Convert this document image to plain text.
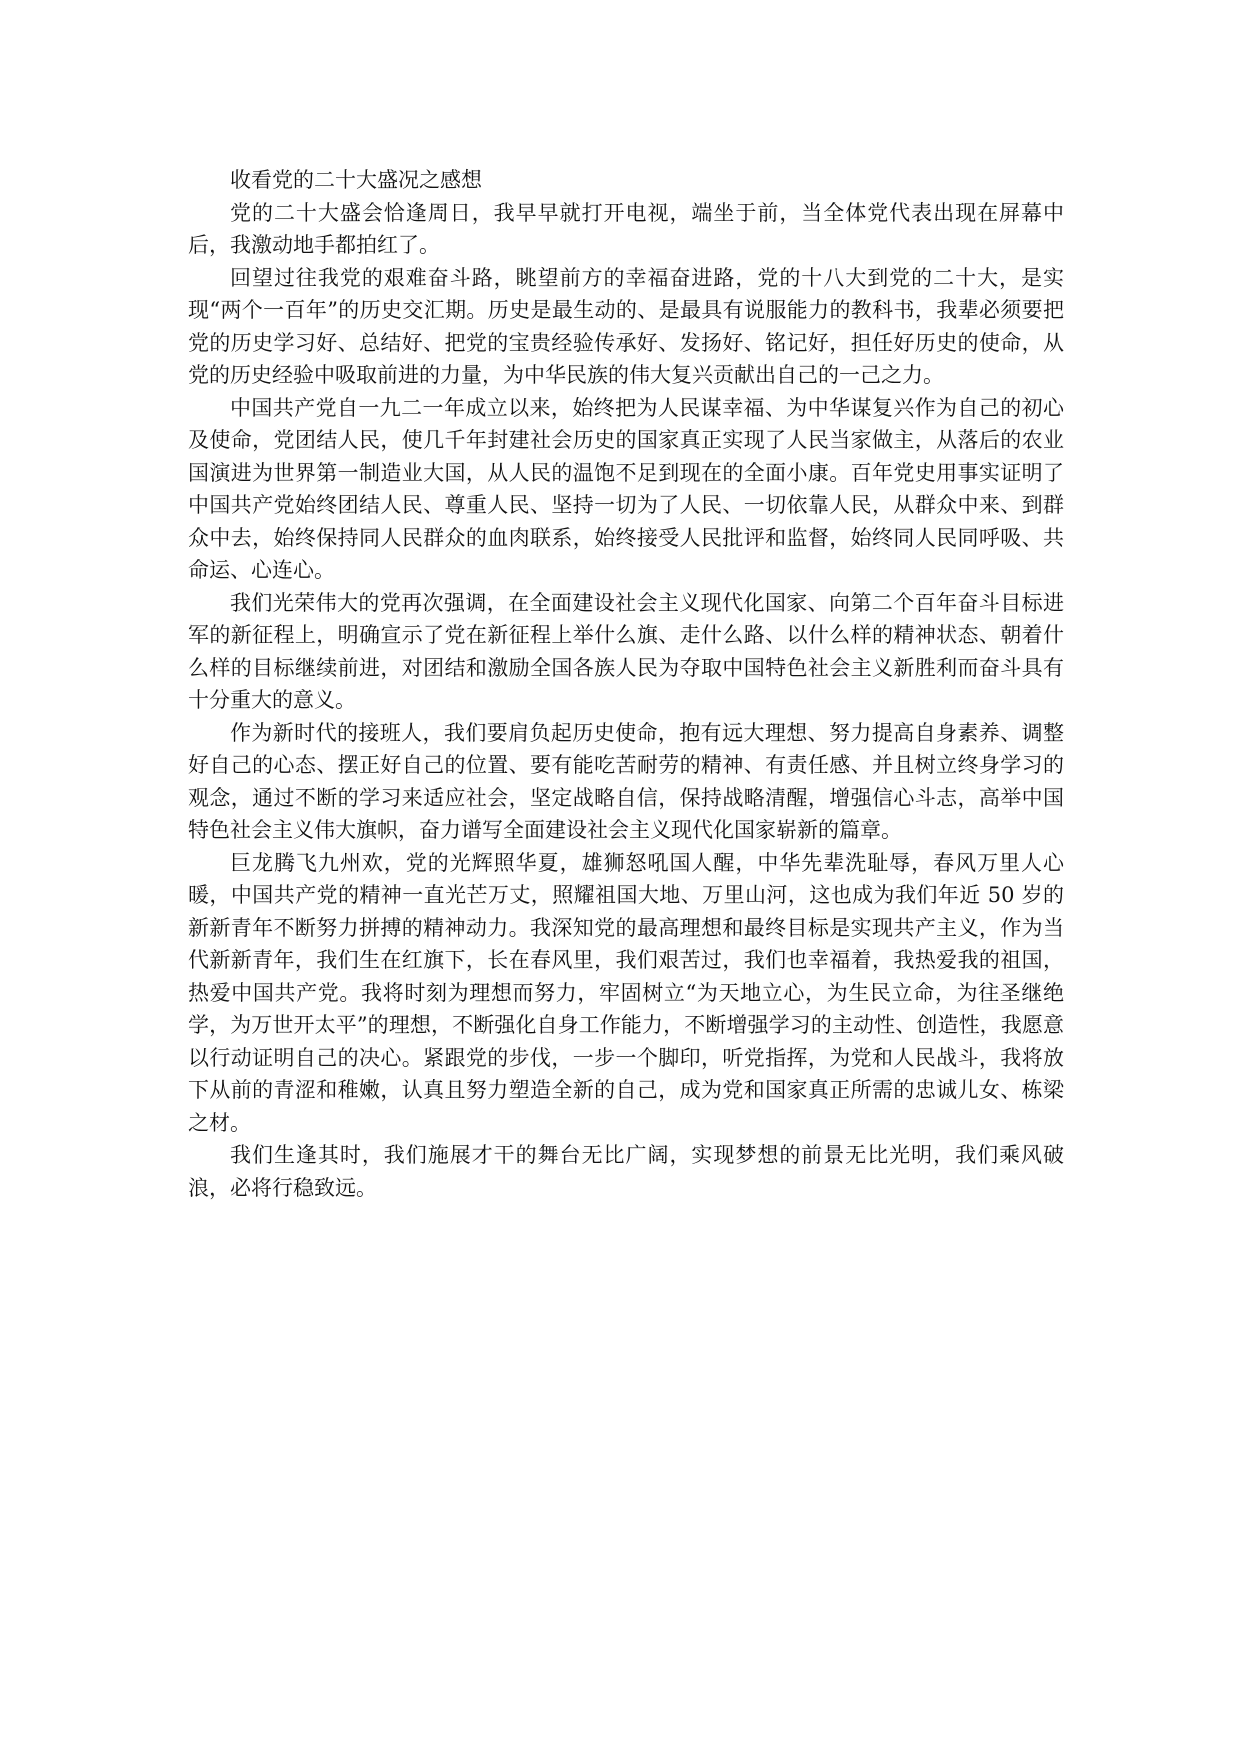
收看党的二十大盛况之感想

党的二十大盛会恰逢周日，我早早就打开电视，端坐于前，当全体党代表出现在屏幕中后，我激动地手都拍红了。

回望过往我党的艰难奋斗路，眺望前方的幸福奋进路，党的十八大到党的二十大，是实现“两个一百年”的历史交汇期。历史是最生动的、是最具有说服能力的教科书，我辈必须要把党的历史学习好、总结好、把党的宝贵经验传承好、发扬好、铭记好，担任好历史的使命，从党的历史经验中吸取前进的力量，为中华民族的伟大复兴贡献出自己的一己之力。

中国共产党自一九二一年成立以来，始终把为人民谋幸福、为中华谋复兴作为自己的初心及使命，党团结人民，使几千年封建社会历史的国家真正实现了人民当家做主，从落后的农业国演进为世界第一制造业大国，从人民的温饱不足到现在的全面小康。百年党史用事实证明了中国共产党始终团结人民、尊重人民、坚持一切为了人民、一切依靠人民，从群众中来、到群众中去，始终保持同人民群众的血肉联系，始终接受人民批评和监督，始终同人民同呼吸、共命运、心连心。

我们光荣伟大的党再次强调，在全面建设社会主义现代化国家、向第二个百年奋斗目标进军的新征程上，明确宣示了党在新征程上举什么旗、走什么路、以什么样的精神状态、朝着什么样的目标继续前进，对团结和激励全国各族人民为夺取中国特色社会主义新胜利而奋斗具有十分重大的意义。

作为新时代的接班人，我们要肩负起历史使命，抱有远大理想、努力提高自身素养、调整好自己的心态、摆正好自己的位置、要有能吃苦耐劳的精神、有责任感、并且树立终身学习的观念，通过不断的学习来适应社会，坚定战略自信，保持战略清醒，增强信心斗志，高举中国特色社会主义伟大旗帜，奋力谱写全面建设社会主义现代化国家崭新的篇章。

巨龙腾飞九州欢，党的光辉照华夏，雄狮怒吼国人醒，中华先辈洗耻辱，春风万里人心暖，中国共产党的精神一直光芒万丈，照耀祖国大地、万里山河，这也成为我们年近 50 岁的新新青年不断努力拼搏的精神动力。我深知党的最高理想和最终目标是实现共产主义，作为当代新新青年，我们生在红旗下，长在春风里，我们艰苦过，我们也幸福着，我热爱我的祖国，热爱中国共产党。我将时刻为理想而努力，牢固树立“为天地立心，为生民立命，为往圣继绝学，为万世开太平”的理想，不断强化自身工作能力，不断增强学习的主动性、创造性，我愿意以行动证明自己的决心。紧跟党的步伐，一步一个脚印，听党指挥，为党和人民战斗，我将放下从前的青涩和稚嫩，认真且努力塑造全新的自己，成为党和国家真正所需的忠诚儿女、栋梁之材。

我们生逢其时，我们施展才干的舞台无比广阔，实现梦想的前景无比光明，我们乘风破浪，必将行稳致远。
